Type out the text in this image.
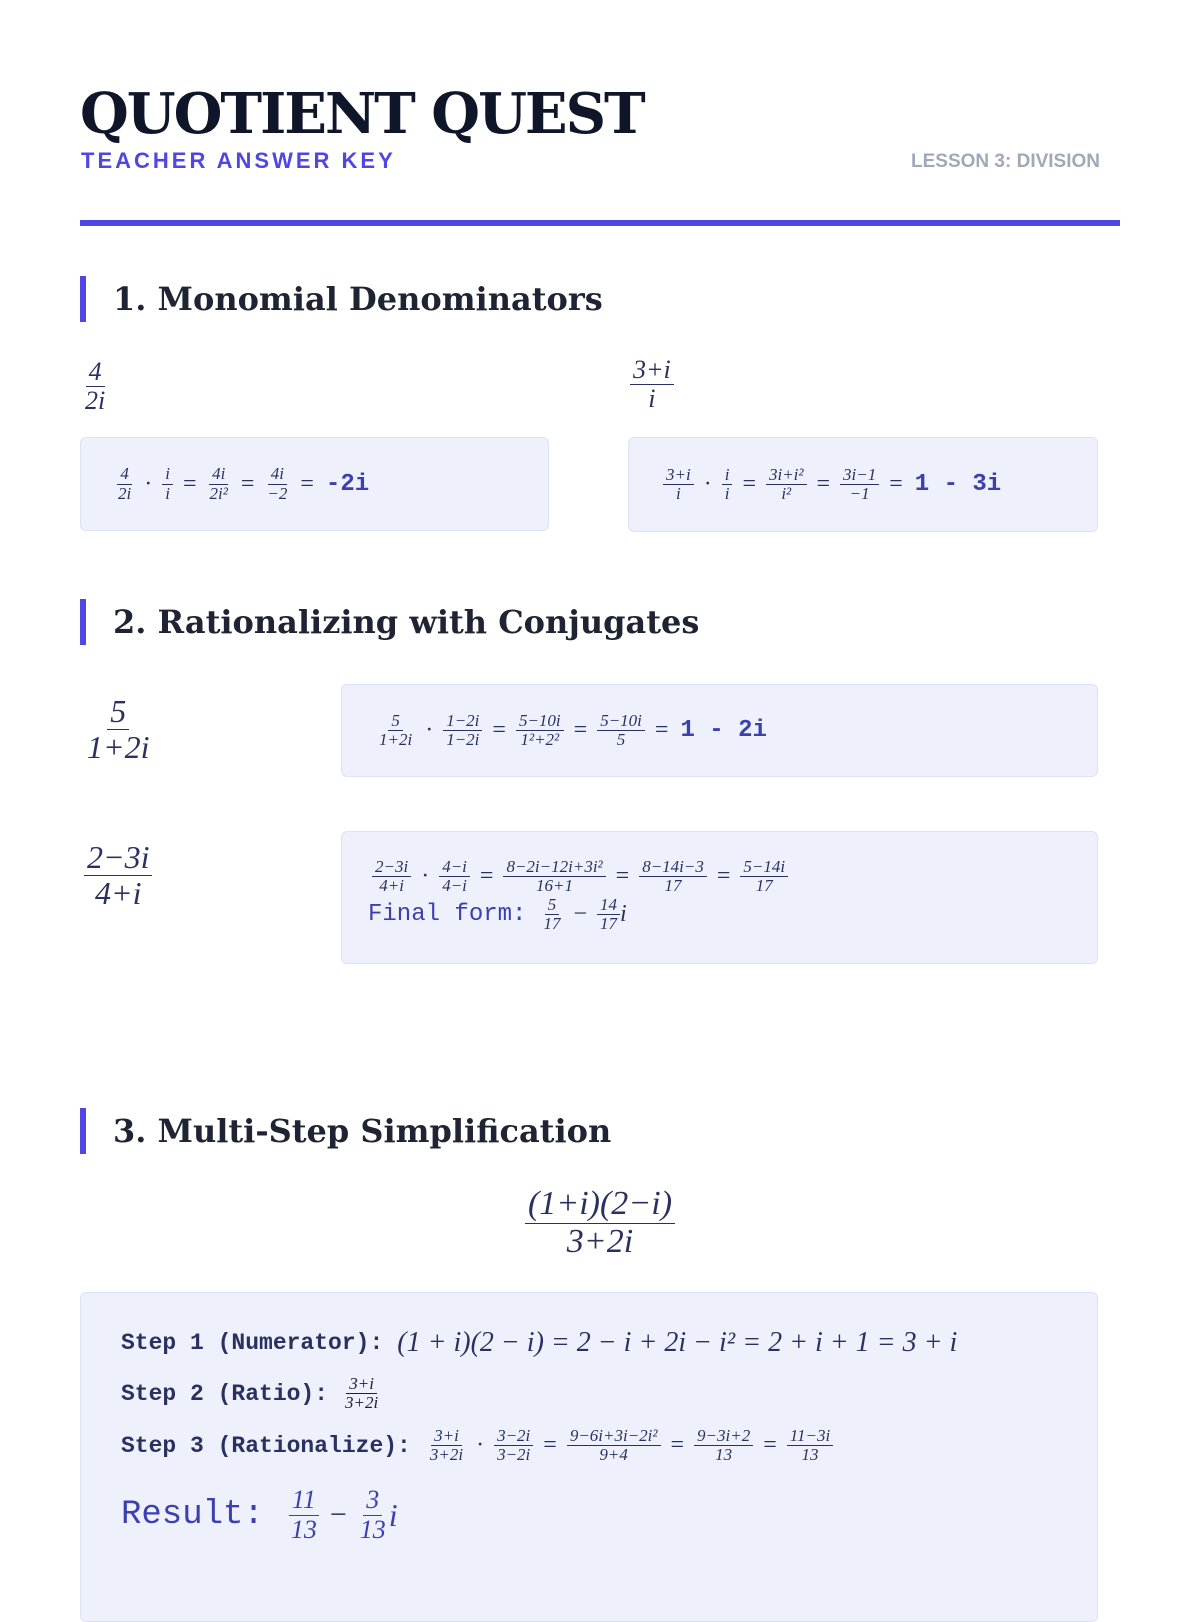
QUOTIENT QUEST
TEACHER ANSWER KEY	LESSON 3: DIVISION
1. Monomial Denominators
$\frac{4}{2i}$	$\frac{3+i}{i}$
$\frac{4}{2i} \cdot \frac{i}{i} = \frac{4i}{\text{2i²}} = \frac{4i}{-2} = -2i$	$\frac{3+i}{i} \cdot \frac{i}{i} = \frac{\text{3i+i²}}{\text{i²}} = \frac{3i-1}{-1} = 1 - 3i$
2. Rationalizing with Conjugates
$\frac{5}{1+2i}$	$\frac{5}{1+2i} \cdot \frac{1-2i}{1-2i} = \frac{5-10i}{\text{1²+2²}} = \frac{5-10i}{5} = 1 - 2i$
$\frac{2-3i}{4+i}$	$\frac{2-3i}{4+i} \cdot \frac{4-i}{4-i} = \frac{\text{8−2i−12i+3i²}}{16+1} = \frac{8-14i-3}{17} = \frac{5-14i}{17}$
Final form: $\frac{5}{17} - \frac{14}{17}$ i
3. Multi-Step Simplification
$\frac{(1+i)(2-i)}{3+2i}$
Step 1 (Numerator): (1 + i)(2 − i) = 2 − i + 2i − i² = 2 + i + 1 = 3 + i
Step 2 (Ratio): $\frac{3+i}{3+2i}$
Step 3 (Rationalize): $\frac{3+i}{3+2i} \cdot \frac{3-2i}{3-2i} = \frac{\text{9−6i+3i−2i²}}{9+4} = \frac{9-3i+2}{13} = \frac{11-3i}{13}$
Result: $\frac{11}{13} - \frac{3}{13}$ i
